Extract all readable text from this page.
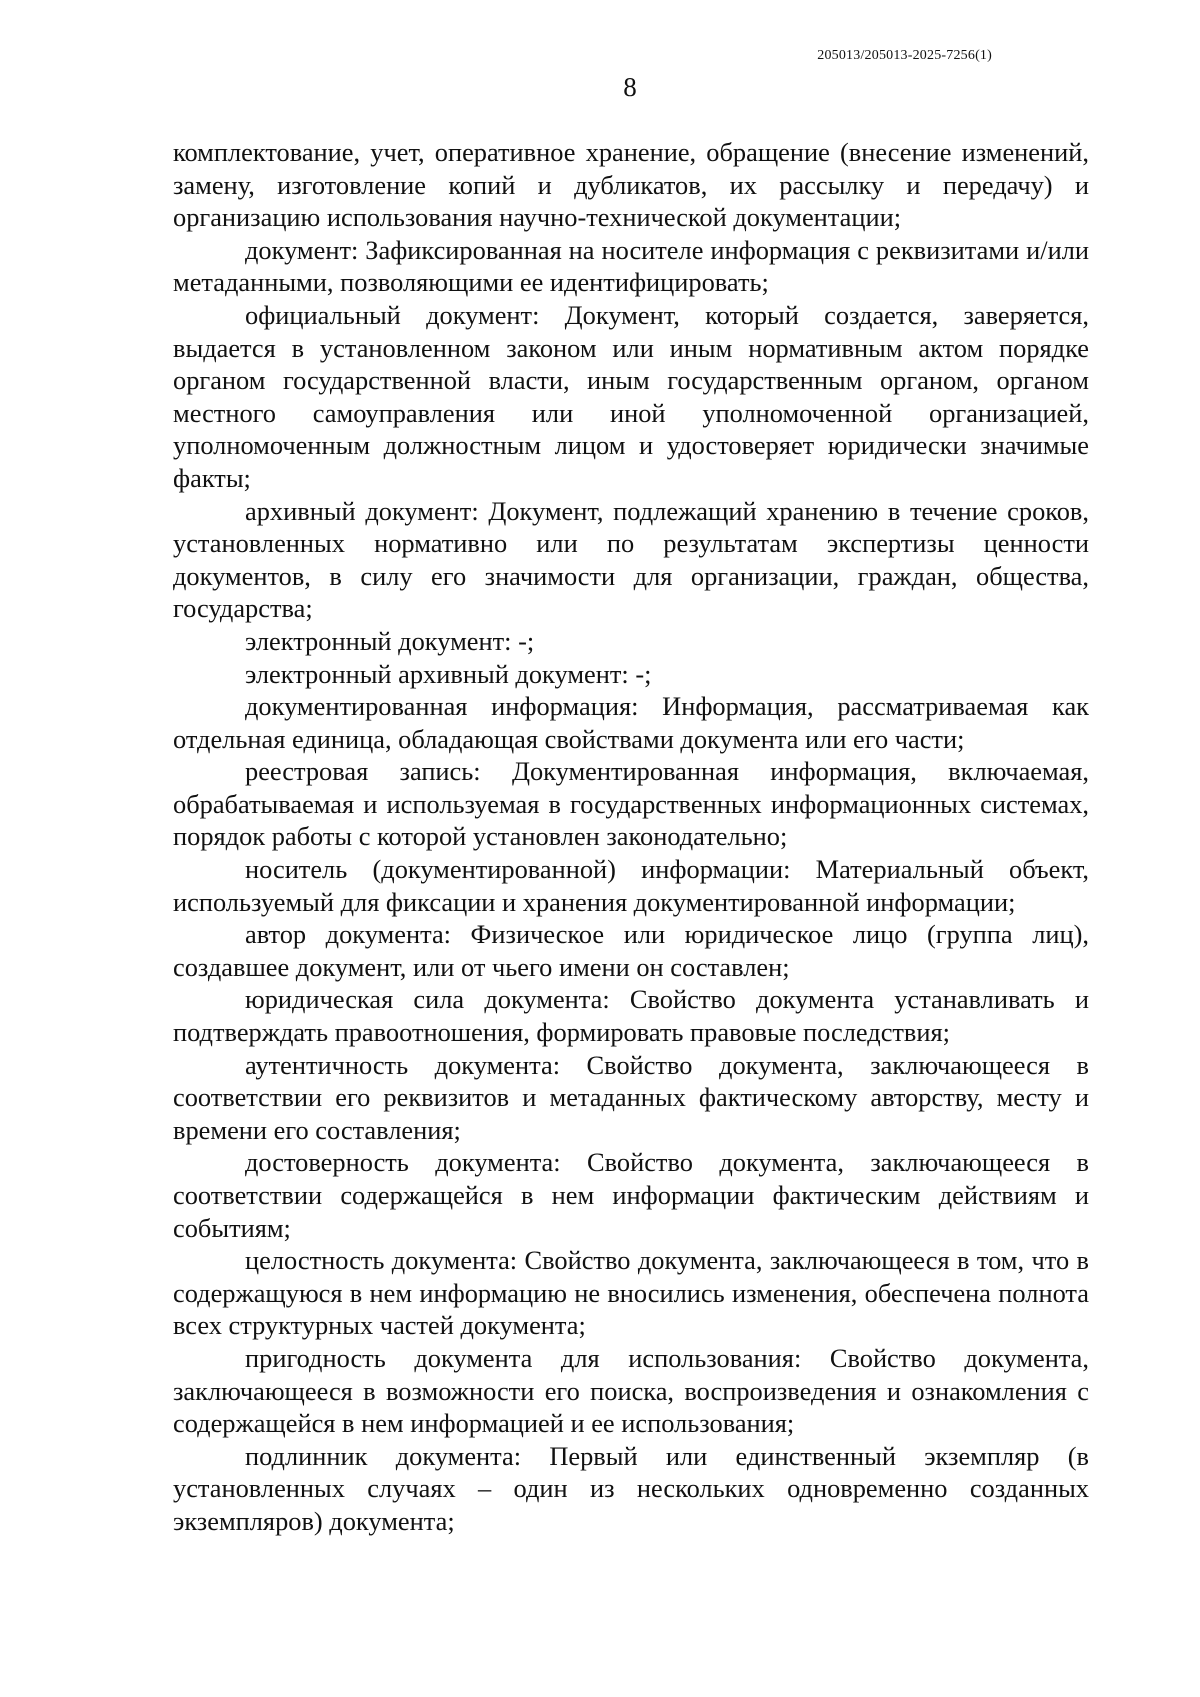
205013/205013-2025-7256(1)
8

комплектование, учет, оперативное хранение, обращение (внесение изменений, замену, изготовление копий и дубликатов, их рассылку и передачу) и организацию использования научно-технической документации;

документ: Зафиксированная на носителе информация с реквизитами и/или метаданными, позволяющими ее идентифицировать;

официальный документ: Документ, который создается, заверяется, выдается в установленном законом или иным нормативным актом порядке органом государственной власти, иным государственным органом, органом местного самоуправления или иной уполномоченной организацией, уполномоченным должностным лицом и удостоверяет юридически значимые факты;

архивный документ: Документ, подлежащий хранению в течение сроков, установленных нормативно или по результатам экспертизы ценности документов, в силу его значимости для организации, граждан, общества, государства;

электронный документ: -;

электронный архивный документ: -;

документированная информация: Информация, рассматриваемая как отдельная единица, обладающая свойствами документа или его части;

реестровая запись: Документированная информация, включаемая, обрабатываемая и используемая в государственных информационных системах, порядок работы с которой установлен законодательно;

носитель (документированной) информации: Материальный объект, используемый для фиксации и хранения документированной информации;

автор документа: Физическое или юридическое лицо (группа лиц), создавшее документ, или от чьего имени он составлен;

юридическая сила документа: Свойство документа устанавливать и подтверждать правоотношения, формировать правовые последствия;

аутентичность документа: Свойство документа, заключающееся в соответствии его реквизитов и метаданных фактическому авторству, месту и времени его составления;

достоверность документа: Свойство документа, заключающееся в соответствии содержащейся в нем информации фактическим действиям и событиям;

целостность документа: Свойство документа, заключающееся в том, что в содержащуюся в нем информацию не вносились изменения, обеспечена полнота всех структурных частей документа;

пригодность документа для использования: Свойство документа, заключающееся в возможности его поиска, воспроизведения и ознакомления с содержащейся в нем информацией и ее использования;

подлинник документа: Первый или единственный экземпляр (в установленных случаях – один из нескольких одновременно созданных экземпляров) документа;
